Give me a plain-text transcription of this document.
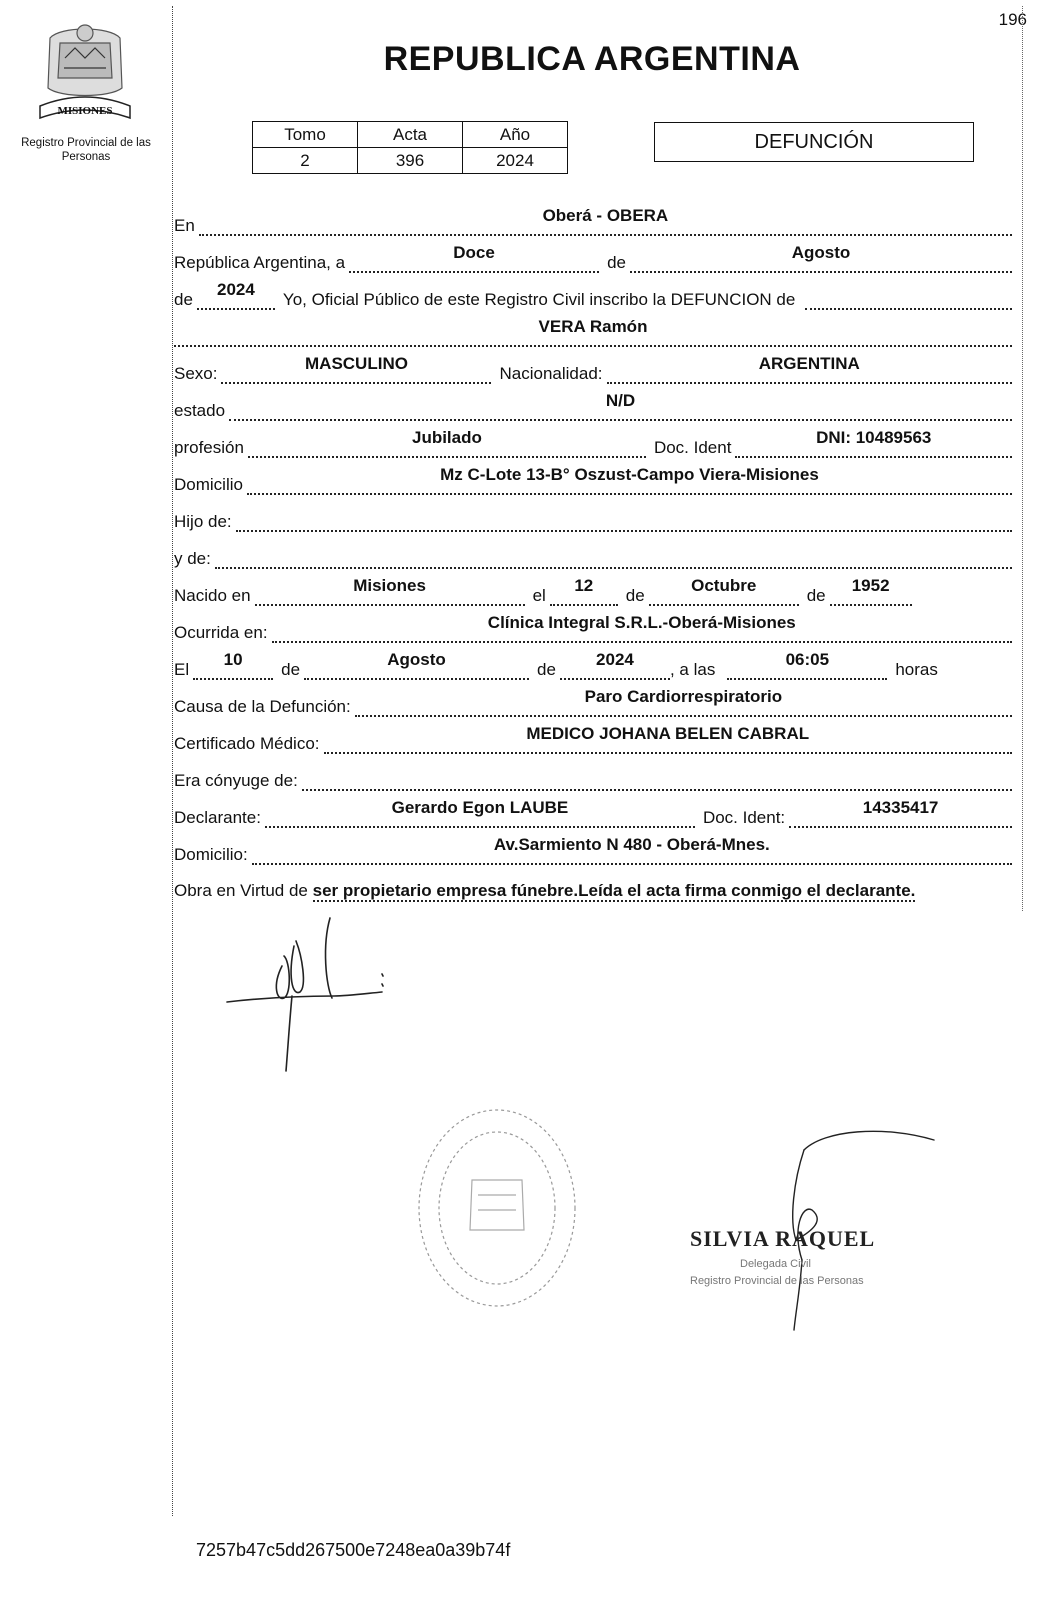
196
MISIONES
Registro Provincial de las Personas
REPUBLICA ARGENTINA
Tomo	Acta	Año
2	396	2024
DEFUNCIÓN
En
Oberá - OBERA
República Argentina, a
Doce
de
Agosto
de
2024
Yo, Oficial Público de este Registro Civil inscribo la DEFUNCION de
VERA Ramón
Sexo:
MASCULINO
Nacionalidad:
ARGENTINA
estado
N/D
profesión
Jubilado
Doc. Ident
DNI: 10489563
Domicilio
Mz C-Lote 13-B° Oszust-Campo Viera-Misiones
Hijo de:
y de:
Nacido en
Misiones
el
12
de
Octubre
de
1952
Ocurrida en:
Clínica Integral S.R.L.-Oberá-Misiones
El
10
de
Agosto
de
2024
, a las
06:05
horas
Causa de la Defunción:
Paro Cardiorrespiratorio
Certificado Médico:
MEDICO JOHANA BELEN CABRAL
Era cónyuge de:
Declarante:
Gerardo Egon LAUBE
Doc. Ident:
14335417
Domicilio:
Av.Sarmiento N 480 - Oberá-Mnes.
Obra en Virtud de ser propietario empresa fúnebre.Leída el acta firma conmigo el declarante.
SILVIA RAQUEL
Delegada Civil
Registro Provincial de las Personas
7257b47c5dd267500e7248ea0a39b74f
